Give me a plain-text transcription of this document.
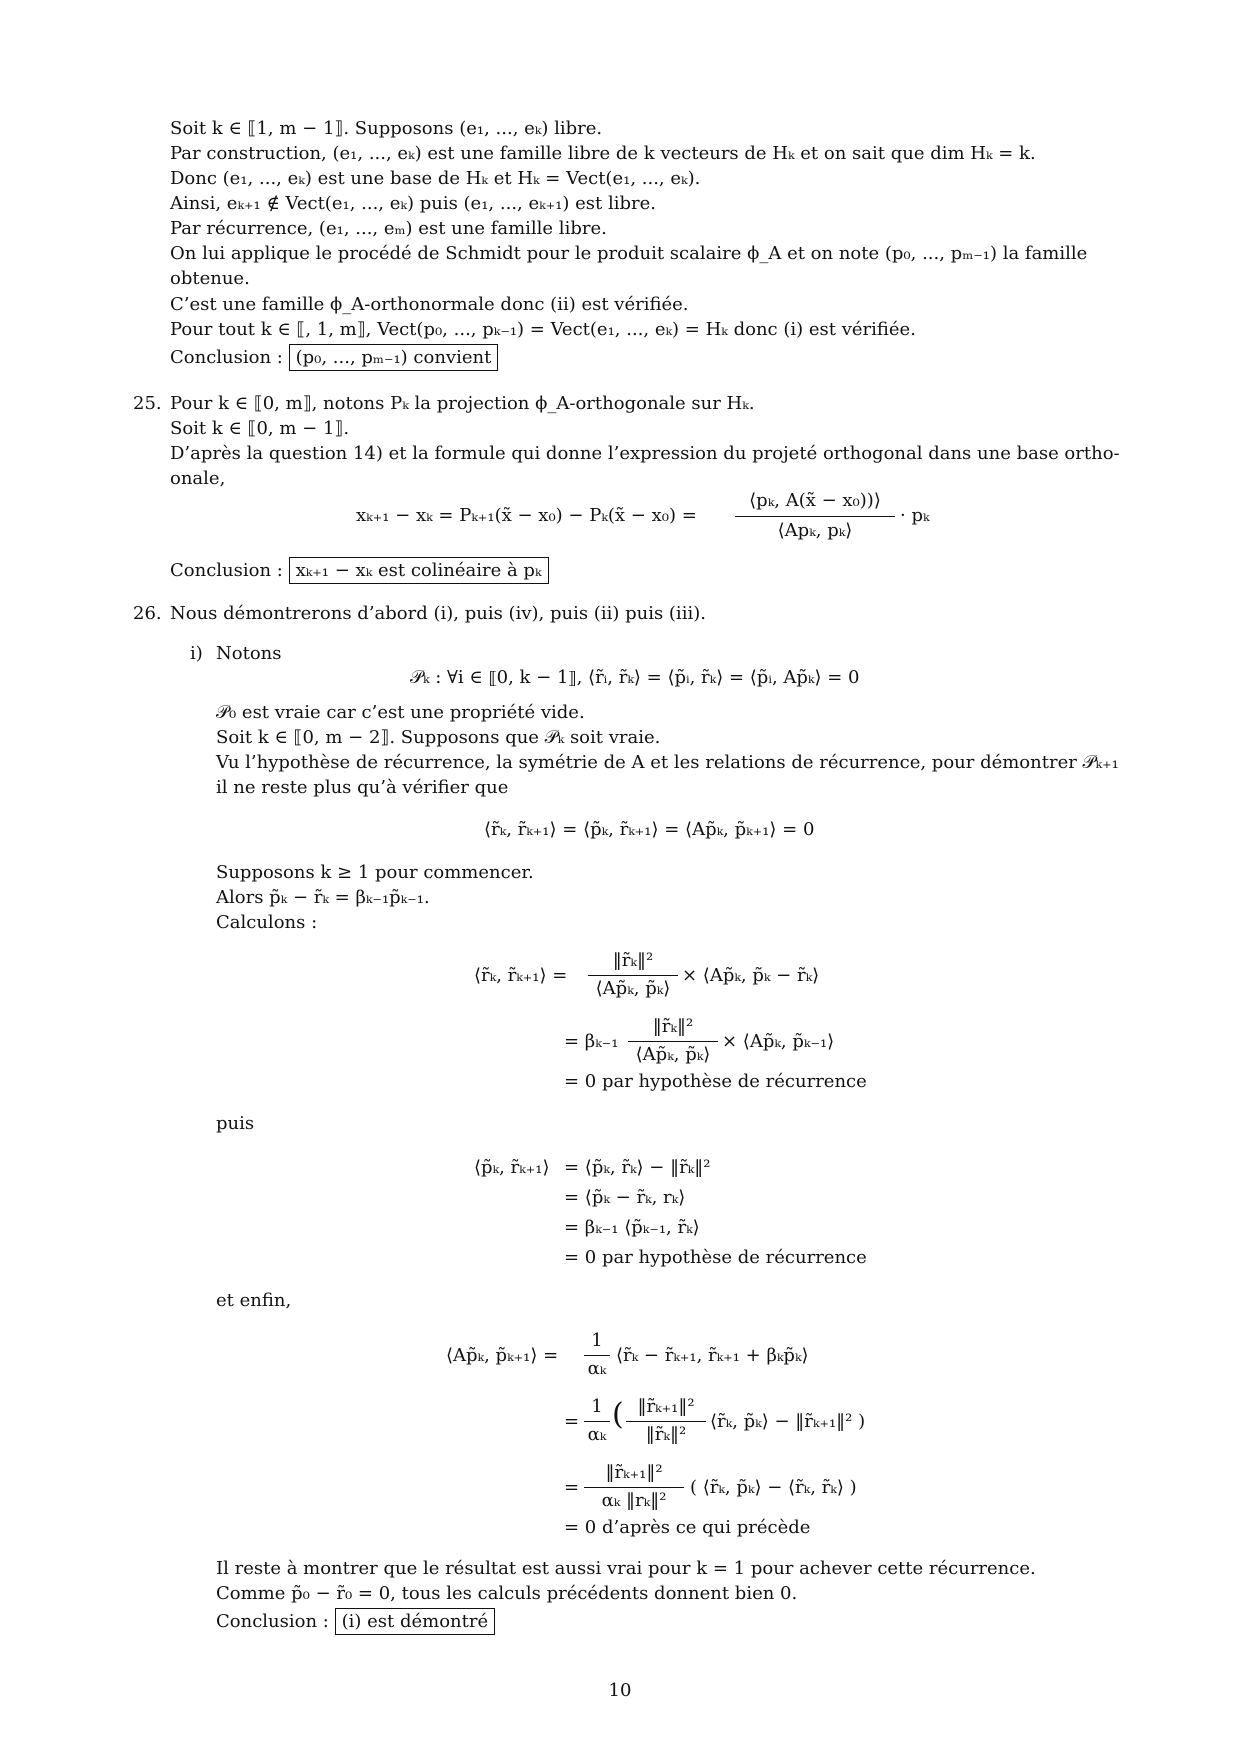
Soit k ∈ ⟦1, m − 1⟧. Supposons (e₁, ..., eₖ) libre.
Par construction, (e₁, ..., eₖ) est une famille libre de k vecteurs de Hₖ et on sait que dim Hₖ = k.
Donc (e₁, ..., eₖ) est une base de Hₖ et Hₖ = Vect(e₁, ..., eₖ).
Ainsi, eₖ₊₁ ∉ Vect(e₁, ..., eₖ) puis (e₁, ..., eₖ₊₁) est libre.
Par récurrence, (e₁, ..., eₘ) est une famille libre.
On lui applique le procédé de Schmidt pour le produit scalaire ϕ_A et on note (p₀, ..., pₘ₋₁) la famille
obtenue.
C’est une famille ϕ_A-orthonormale donc (ii) est vérifiée.
Pour tout k ∈ ⟦, 1, m⟧, Vect(p₀, ..., pₖ₋₁) = Vect(e₁, ..., eₖ) = Hₖ donc (i) est vérifiée.
Conclusion : (p₀, ..., pₘ₋₁) convient
25. Pour k ∈ ⟦0, m⟧, notons Pₖ la projection ϕ_A-orthogonale sur Hₖ.
Soit k ∈ ⟦0, m − 1⟧.
D’après la question 14) et la formule qui donne l’expression du projeté orthogonal dans une base ortho-
onale,
xₖ₊₁ − xₖ = Pₖ₊₁(x̃ − x₀) − Pₖ(x̃ − x₀) =
⟨pₖ, A(x̃ − x₀))⟩
⟨Apₖ, pₖ⟩
· pₖ
Conclusion : xₖ₊₁ − xₖ est colinéaire à pₖ
26. Nous démontrerons d’abord (i), puis (iv), puis (ii) puis (iii).
i) Notons
𝒫ₖ : ∀i ∈ ⟦0, k − 1⟧, ⟨r̃ᵢ, r̃ₖ⟩ = ⟨p̃ᵢ, r̃ₖ⟩ = ⟨p̃ᵢ, Ap̃ₖ⟩ = 0
𝒫₀ est vraie car c’est une propriété vide.
Soit k ∈ ⟦0, m − 2⟧. Supposons que 𝒫ₖ soit vraie.
Vu l’hypothèse de récurrence, la symétrie de A et les relations de récurrence, pour démontrer 𝒫ₖ₊₁
il ne reste plus qu’à vérifier que
⟨r̃ₖ, r̃ₖ₊₁⟩ = ⟨p̃ₖ, r̃ₖ₊₁⟩ = ⟨Ap̃ₖ, p̃ₖ₊₁⟩ = 0
Supposons k ≥ 1 pour commencer.
Alors p̃ₖ − r̃ₖ = βₖ₋₁p̃ₖ₋₁.
Calculons :
⟨r̃ₖ, r̃ₖ₊₁⟩ =
‖r̃ₖ‖²
⟨Ap̃ₖ, p̃ₖ⟩
× ⟨Ap̃ₖ, p̃ₖ − r̃ₖ⟩
= βₖ₋₁
‖r̃ₖ‖²
⟨Ap̃ₖ, p̃ₖ⟩
× ⟨Ap̃ₖ, p̃ₖ₋₁⟩
= 0 par hypothèse de récurrence
puis
⟨p̃ₖ, r̃ₖ₊₁⟩ = ⟨p̃ₖ, r̃ₖ⟩ − ‖r̃ₖ‖²
= ⟨p̃ₖ − r̃ₖ, rₖ⟩
= βₖ₋₁ ⟨p̃ₖ₋₁, r̃ₖ⟩
= 0 par hypothèse de récurrence
et enfin,
⟨Ap̃ₖ, p̃ₖ₊₁⟩ =
1
αₖ
⟨r̃ₖ − r̃ₖ₊₁, r̃ₖ₊₁ + βₖp̃ₖ⟩
=
1
αₖ
( ‖r̃ₖ₊₁‖²
‖r̃ₖ‖²
⟨r̃ₖ, p̃ₖ⟩ − ‖r̃ₖ₊₁‖² )
=
‖r̃ₖ₊₁‖²
αₖ ‖rₖ‖²
( ⟨r̃ₖ, p̃ₖ⟩ − ⟨r̃ₖ, r̃ₖ⟩ )
= 0 d’après ce qui précède
Il reste à montrer que le résultat est aussi vrai pour k = 1 pour achever cette récurrence.
Comme p̃₀ − r̃₀ = 0, tous les calculs précédents donnent bien 0.
Conclusion : (i) est démontré
10
